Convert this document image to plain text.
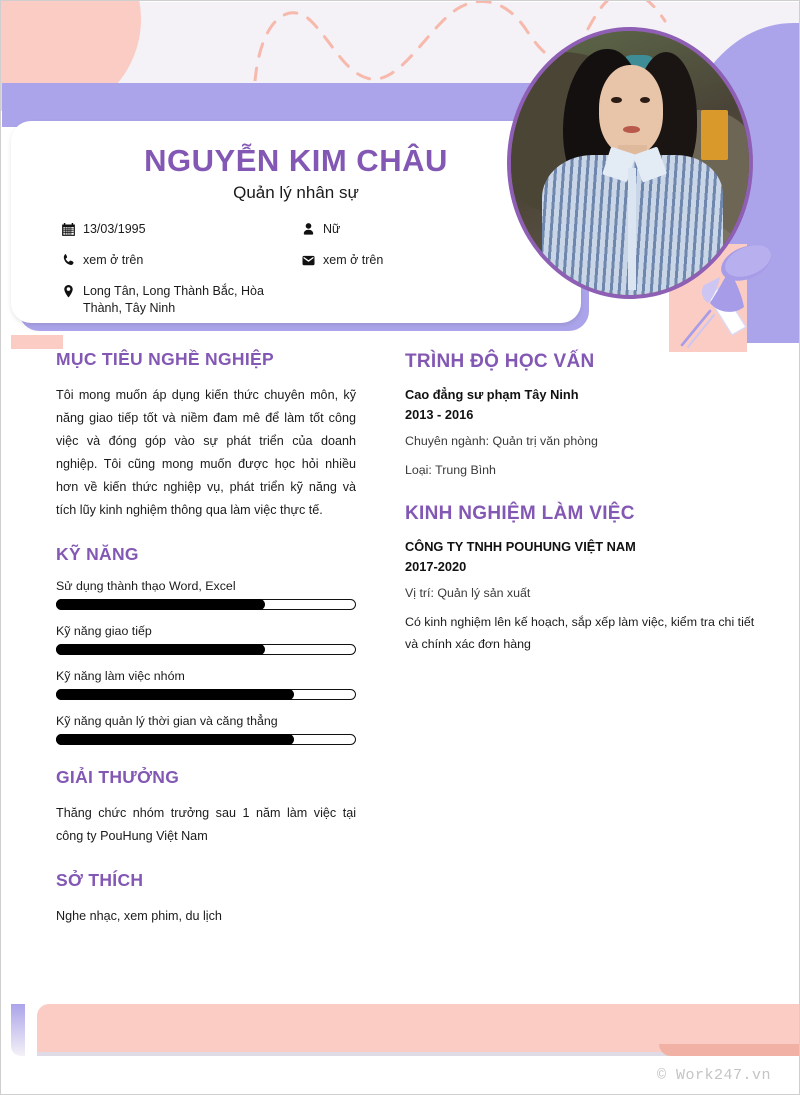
NGUYỄN KIM CHÂU
Quản lý nhân sự
13/03/1995
xem ở trên
Long Tân, Long Thành Bắc, Hòa Thành, Tây Ninh
Nữ
xem ở trên
MỤC TIÊU NGHỀ NGHIỆP

Tôi mong muốn áp dụng kiến thức chuyên môn, kỹ năng giao tiếp tốt và niềm đam mê để làm tốt công việc và đóng góp vào sự phát triển của doanh nghiệp. Tôi cũng mong muốn được học hỏi nhiều hơn về kiến thức nghiệp vụ, phát triển kỹ năng và tích lũy kinh nghiệm thông qua làm việc thực tế.

KỸ NĂNG
Sử dụng thành thạo Word, Excel
Kỹ năng giao tiếp
Kỹ năng làm việc nhóm
Kỹ năng quản lý thời gian và căng thẳng
GIẢI THƯỞNG

Thăng chức nhóm trưởng sau 1 năm làm việc tại công ty PouHung Việt Nam

SỞ THÍCH

Nghe nhạc, xem phim, du lịch

TRÌNH ĐỘ HỌC VẤN
Cao đẳng sư phạm Tây Ninh
2013 - 2016
Chuyên ngành: Quản trị văn phòng
Loại: Trung Bình
KINH NGHIỆM LÀM VIỆC
CÔNG TY TNHH POUHUNG VIỆT NAM
2017-2020
Vị trí: Quản lý sản xuất
Có kinh nghiệm lên kế hoạch, sắp xếp làm việc, kiểm tra chi tiết và chính xác đơn hàng
© Work247.vn
